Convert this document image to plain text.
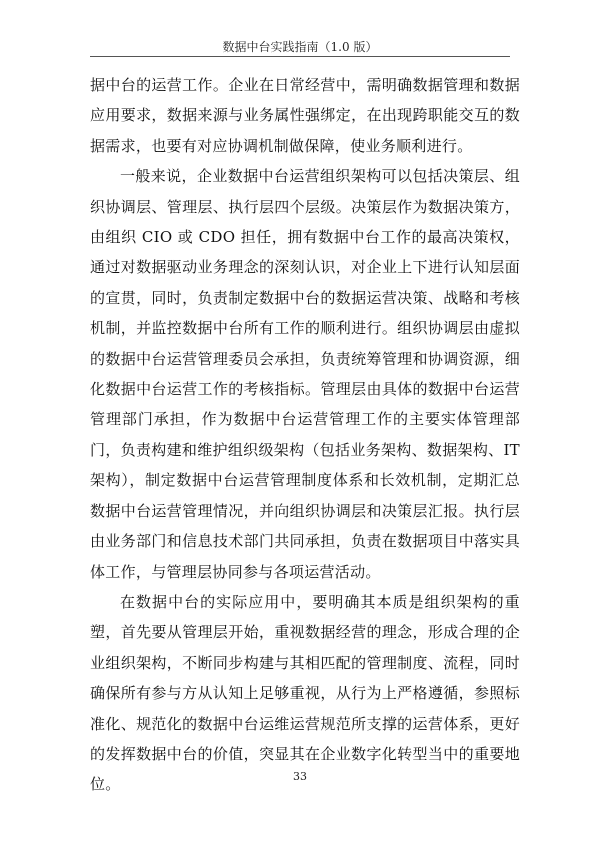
数据中台实践指南（1.0 版）

据中台的运营工作。企业在日常经营中，需明确数据管理和数据应用要求，数据来源与业务属性强绑定，在出现跨职能交互的数据需求，也要有对应协调机制做保障，使业务顺利进行。

一般来说，企业数据中台运营组织架构可以包括决策层、组织协调层、管理层、执行层四个层级。决策层作为数据决策方，由组织 CIO 或 CDO 担任，拥有数据中台工作的最高决策权，通过对数据驱动业务理念的深刻认识，对企业上下进行认知层面的宣贯，同时，负责制定数据中台的数据运营决策、战略和考核机制，并监控数据中台所有工作的顺利进行。组织协调层由虚拟的数据中台运营管理委员会承担，负责统筹管理和协调资源，细化数据中台运营工作的考核指标。管理层由具体的数据中台运营管理部门承担，作为数据中台运营管理工作的主要实体管理部门，负责构建和维护组织级架构（包括业务架构、数据架构、IT 架构），制定数据中台运营管理制度体系和长效机制，定期汇总数据中台运营管理情况，并向组织协调层和决策层汇报。执行层由业务部门和信息技术部门共同承担，负责在数据项目中落实具体工作，与管理层协同参与各项运营活动。

在数据中台的实际应用中，要明确其本质是组织架构的重塑，首先要从管理层开始，重视数据经营的理念，形成合理的企业组织架构，不断同步构建与其相匹配的管理制度、流程，同时确保所有参与方从认知上足够重视，从行为上严格遵循，参照标准化、规范化的数据中台运维运营规范所支撑的运营体系，更好的发挥数据中台的价值，突显其在企业数字化转型当中的重要地位。	33
